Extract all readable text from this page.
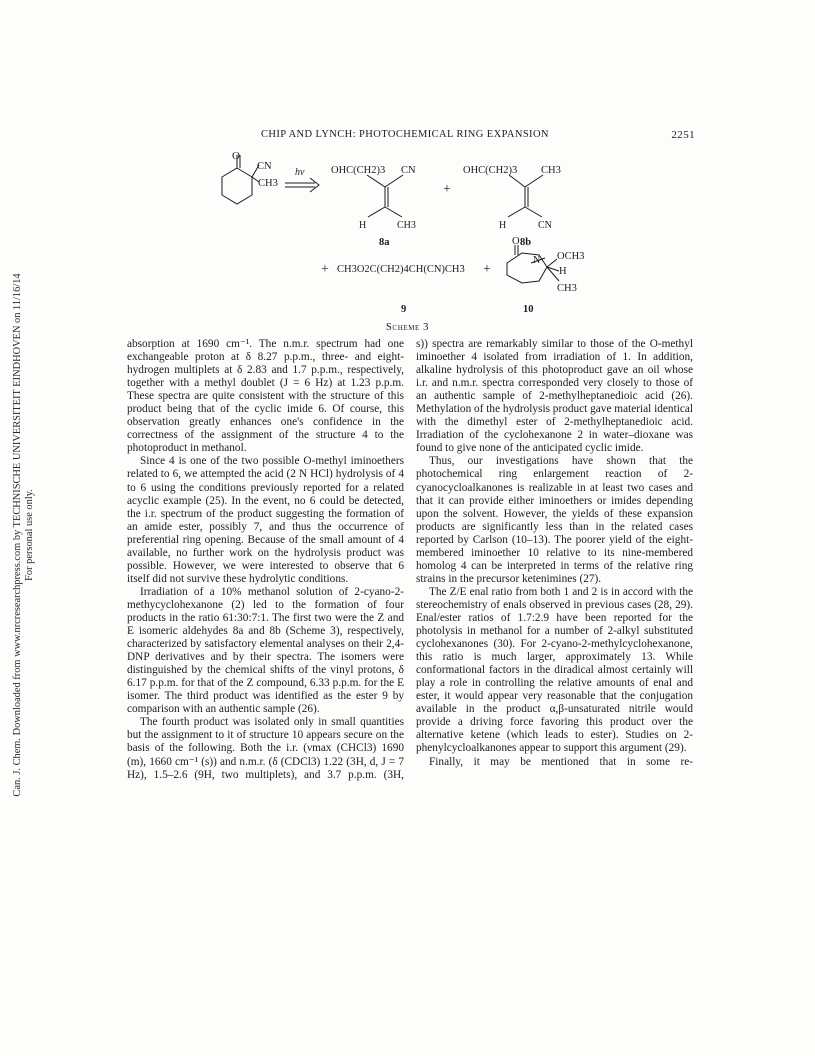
Can. J. Chem. Downloaded from www.nrcresearchpress.com by TECHNISCHE UNIVERSITEIT EINDHOVEN on 11/16/14 For personal use only.
CHIP AND LYNCH: PHOTOCHEMICAL RING EXPANSION	2251
O
CN
CH3
hν	OHC(CH2)3 CN
H	CH3
8a
+
OHC(CH2)3 CH3
H	CN
8b
+ CH3O2C(CH2)4CH(CN)CH3 +
9
O
N OCH3
H
CH3
10
Scheme 3

absorption at 1690 cm⁻¹. The n.m.r. spectrum had one exchangeable proton at δ 8.27 p.p.m., three- and eight-hydrogen multiplets at δ 2.83 and 1.7 p.p.m., respectively, together with a methyl doublet (J = 6 Hz) at 1.23 p.p.m. These spectra are quite consistent with the structure of this product being that of the cyclic imide 6. Of course, this observation greatly enhances one's confidence in the correctness of the assignment of the structure 4 to the photoproduct in methanol.

Since 4 is one of the two possible O-methyl iminoethers related to 6, we attempted the acid (2 N HCl) hydrolysis of 4 to 6 using the conditions previously reported for a related acyclic example (25). In the event, no 6 could be detected, the i.r. spectrum of the product suggesting the formation of an amide ester, possibly 7, and thus the occurrence of preferential ring opening. Because of the small amount of 4 available, no further work on the hydrolysis product was possible. However, we were interested to observe that 6 itself did not survive these hydrolytic conditions.

Irradiation of a 10% methanol solution of 2-cyano-2-methycyclohexanone (2) led to the formation of four products in the ratio 61:30:7:1. The first two were the Z and E isomeric aldehydes 8a and 8b (Scheme 3), respectively, characterized by satisfactory elemental analyses on their 2,4-DNP derivatives and by their spectra. The isomers were distinguished by the chemical shifts of the vinyl protons, δ 6.17 p.p.m. for that of the Z compound, 6.33 p.p.m. for the E isomer. The third product was identified as the ester 9 by comparison with an authentic sample (26).

The fourth product was isolated only in small quantities but the assignment to it of structure 10 appears secure on the basis of the following. Both the i.r. (νmax (CHCl3) 1690 (m), 1660 cm⁻¹ (s)) and n.m.r. (δ (CDCl3) 1.22 (3H, d, J = 7 Hz), 1.5–2.6 (9H, two multiplets), and 3.7 p.p.m. (3H,

s)) spectra are remarkably similar to those of the O-methyl iminoether 4 isolated from irradiation of 1. In addition, alkaline hydrolysis of this photoproduct gave an oil whose i.r. and n.m.r. spectra corresponded very closely to those of an authentic sample of 2-methylheptanedioic acid (26). Methylation of the hydrolysis product gave material identical with the dimethyl ester of 2-methylheptanedioic acid. Irradiation of the cyclohexanone 2 in water–dioxane was found to give none of the anticipated cyclic imide.

Thus, our investigations have shown that the photochemical ring enlargement reaction of 2-cyanocycloalkanones is realizable in at least two cases and that it can provide either iminoethers or imides depending upon the solvent. However, the yields of these expansion products are significantly less than in the related cases reported by Carlson (10–13). The poorer yield of the eight-membered iminoether 10 relative to its nine-membered homolog 4 can be interpreted in terms of the relative ring strains in the precursor ketenimines (27).

The Z/E enal ratio from both 1 and 2 is in accord with the stereochemistry of enals observed in previous cases (28, 29). Enal/ester ratios of 1.7:2.9 have been reported for the photolysis in methanol for a number of 2-alkyl substituted cyclohexanones (30). For 2-cyano-2-methylcyclohexanone, this ratio is much larger, approximately 13. While conformational factors in the diradical almost certainly will play a role in controlling the relative amounts of enal and ester, it would appear very reasonable that the conjugation available in the product α,β-unsaturated nitrile would provide a driving force favoring this product over the alternative ketene (which leads to ester). Studies on 2-phenylcycloalkanones appear to support this argument (29).

Finally, it may be mentioned that in some re-
